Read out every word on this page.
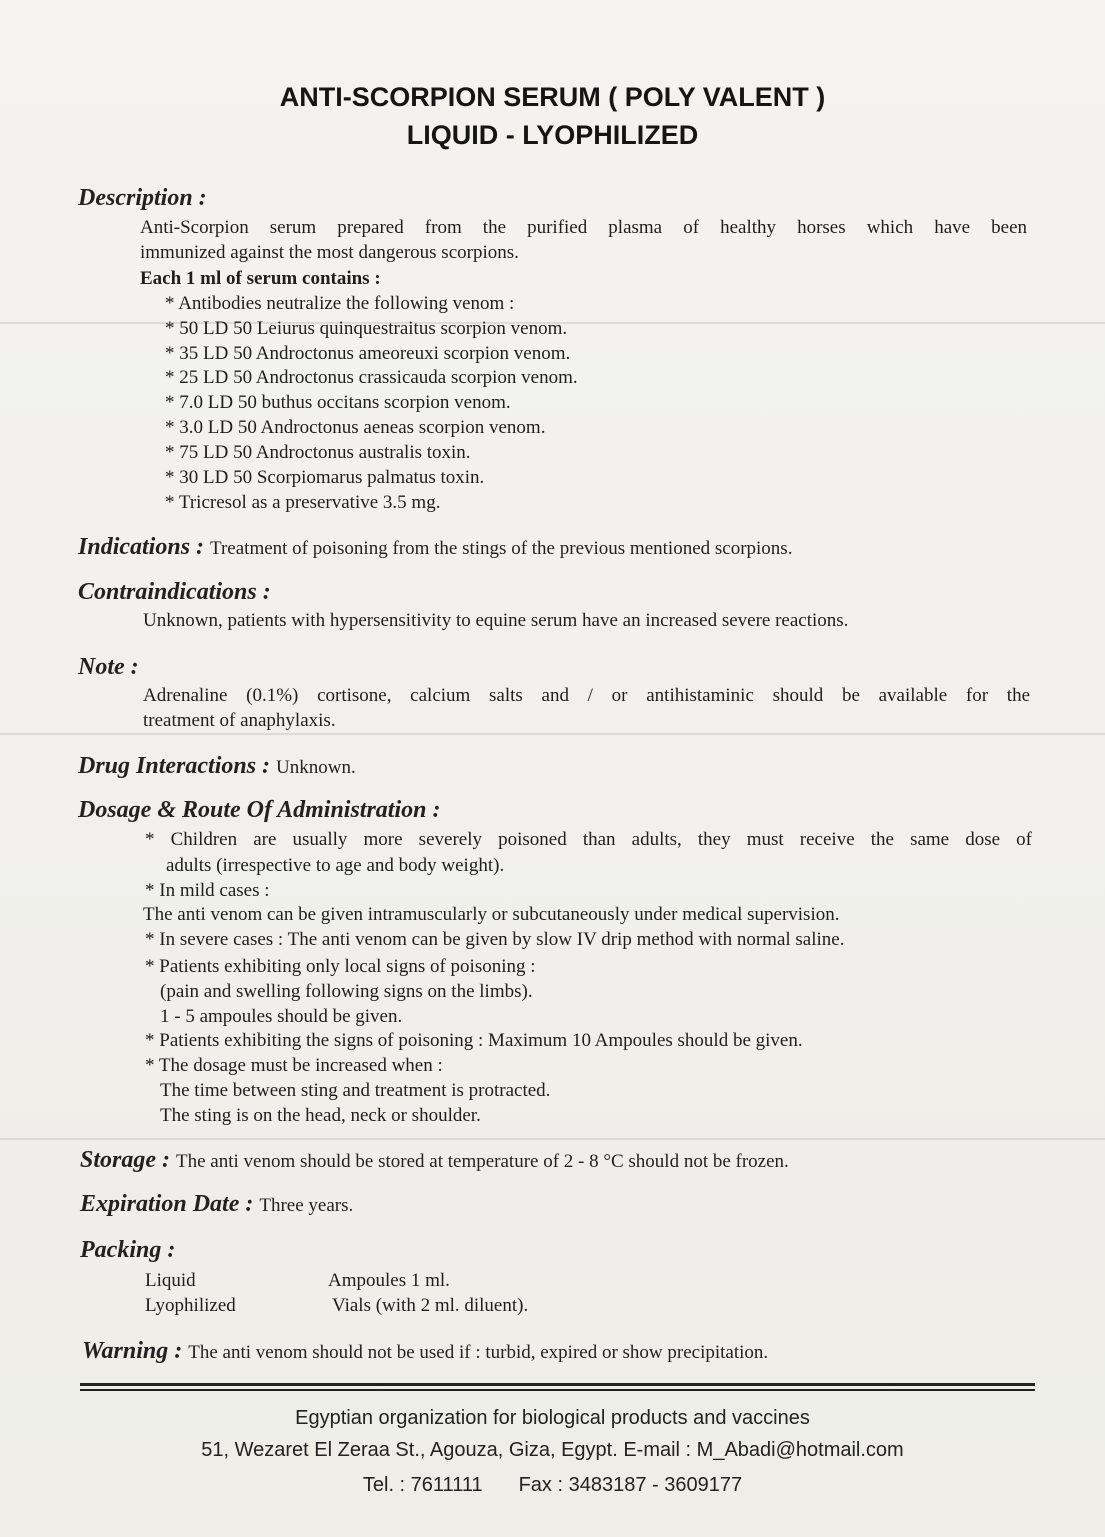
ANTI-SCORPION SERUM ( POLY VALENT )
LIQUID - LYOPHILIZED
Description :
Anti-Scorpion serum prepared from the purified plasma of healthy horses which have been
immunized against the most dangerous scorpions.
Each 1 ml of serum contains :
* Antibodies neutralize the following venom :
* 50 LD 50 Leiurus quinquestraitus scorpion venom.
* 35 LD 50 Androctonus ameoreuxi scorpion venom.
* 25 LD 50 Androctonus crassicauda scorpion venom.
* 7.0 LD 50 buthus occitans scorpion venom.
* 3.0 LD 50 Androctonus aeneas scorpion venom.
* 75 LD 50 Androctonus australis toxin.
* 30 LD 50 Scorpiomarus palmatus toxin.
* Tricresol as a preservative 3.5 mg.
Indications : Treatment of poisoning from the stings of the previous mentioned scorpions.
Contraindications :
Unknown, patients with hypersensitivity to equine serum have an increased severe reactions.
Note :
Adrenaline (0.1%) cortisone, calcium salts and / or antihistaminic should be available for the
treatment of anaphylaxis.
Drug Interactions : Unknown.
Dosage & Route Of Administration :
* Children are usually more severely poisoned than adults, they must receive the same dose of
adults (irrespective to age and body weight).
* In mild cases :
The anti venom can be given intramuscularly or subcutaneously under medical supervision.
* In severe cases : The anti venom can be given by slow IV drip method with normal saline.
* Patients exhibiting only local signs of poisoning :
(pain and swelling following signs on the limbs).
1 - 5 ampoules should be given.
* Patients exhibiting the signs of poisoning : Maximum 10 Ampoules should be given.
* The dosage must be increased when :
The time between sting and treatment is protracted.
The sting is on the head, neck or shoulder.
Storage : The anti venom should be stored at temperature of 2 - 8 °C should not be frozen.
Expiration Date : Three years.
Packing :
Liquid	Ampoules 1 ml.
Lyophilized	Vials (with 2 ml. diluent).
Warning : The anti venom should not be used if : turbid, expired or show precipitation.
Egyptian organization for biological products and vaccines
51, Wezaret El Zeraa St., Agouza, Giza, Egypt. E-mail : M_Abadi@hotmail.com
Tel. : 7611111 Fax : 3483187 - 3609177
